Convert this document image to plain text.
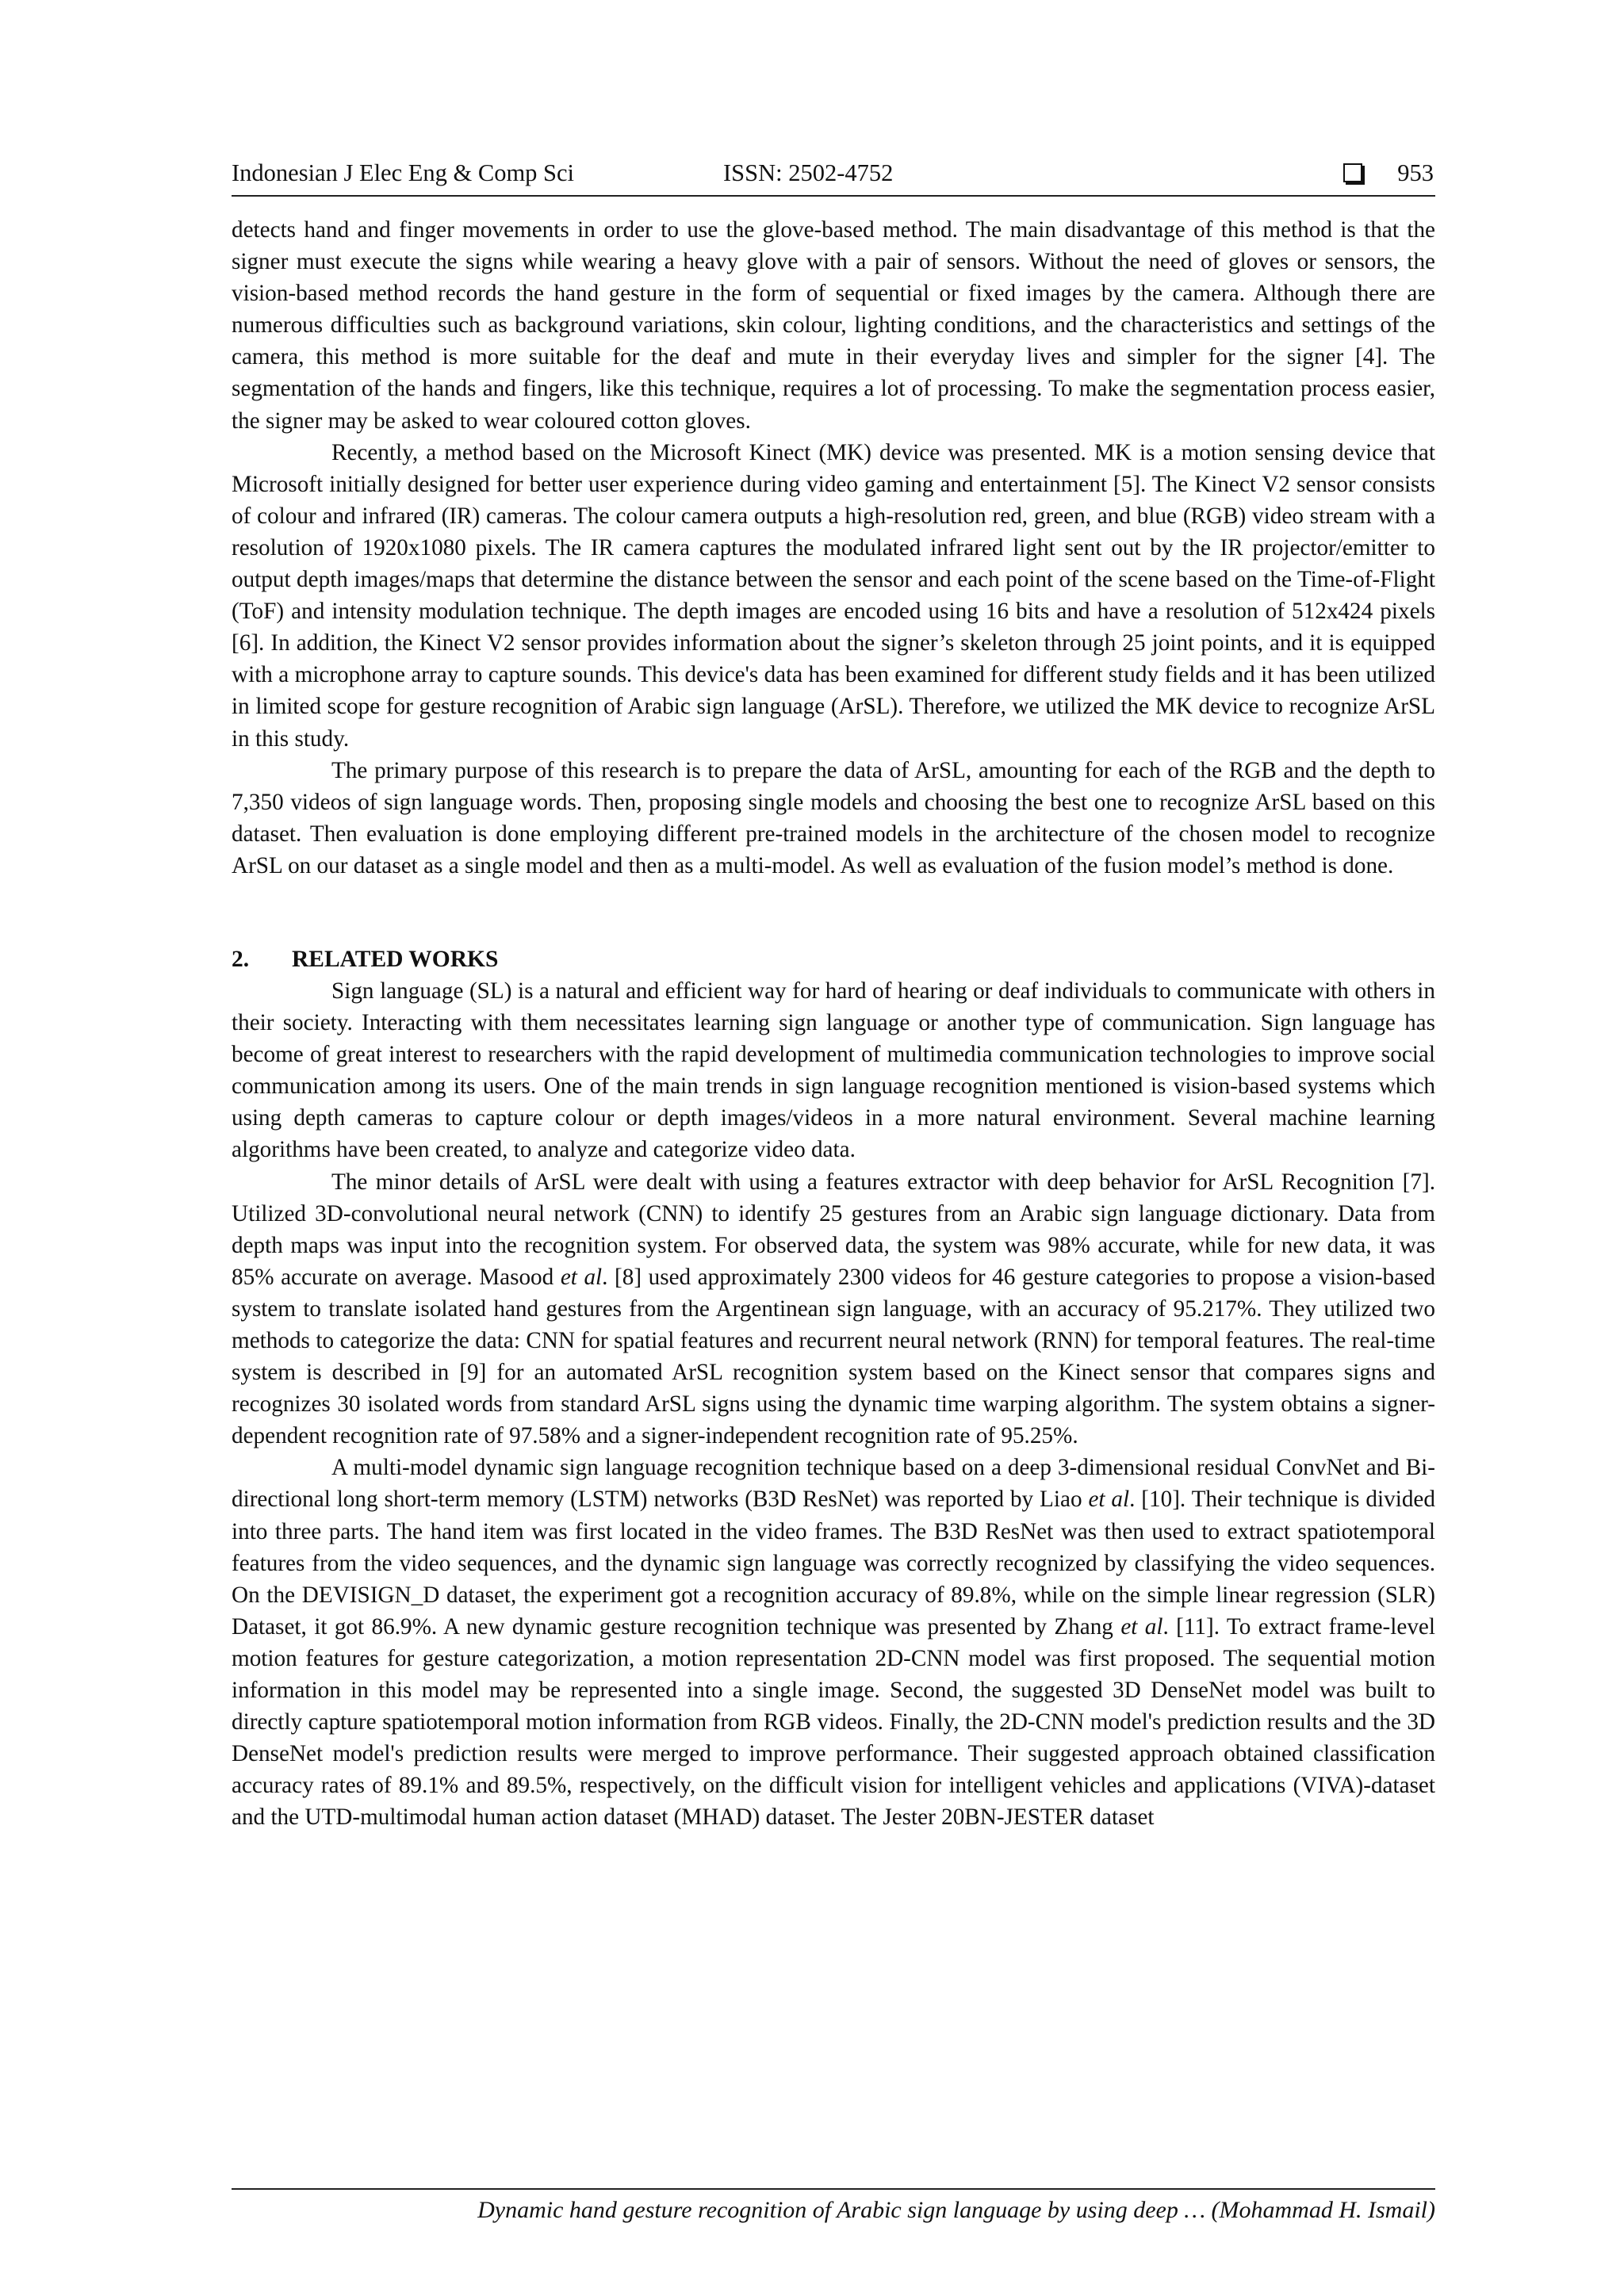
Indonesian J Elec Eng & Comp Sci	ISSN: 2502-4752	953

detects hand and finger movements in order to use the glove-based method. The main disadvantage of this method is that the signer must execute the signs while wearing a heavy glove with a pair of sensors. Without the need of gloves or sensors, the vision-based method records the hand gesture in the form of sequential or fixed images by the camera. Although there are numerous difficulties such as background variations, skin colour, lighting conditions, and the characteristics and settings of the camera, this method is more suitable for the deaf and mute in their everyday lives and simpler for the signer [4]. The segmentation of the hands and fingers, like this technique, requires a lot of processing. To make the segmentation process easier, the signer may be asked to wear coloured cotton gloves.

Recently, a method based on the Microsoft Kinect (MK) device was presented. MK is a motion sensing device that Microsoft initially designed for better user experience during video gaming and entertainment [5]. The Kinect V2 sensor consists of colour and infrared (IR) cameras. The colour camera outputs a high-resolution red, green, and blue (RGB) video stream with a resolution of 1920x1080 pixels. The IR camera captures the modulated infrared light sent out by the IR projector/emitter to output depth images/maps that determine the distance between the sensor and each point of the scene based on the Time-of-Flight (ToF) and intensity modulation technique. The depth images are encoded using 16 bits and have a resolution of 512x424 pixels [6]. In addition, the Kinect V2 sensor provides information about the signer’s skeleton through 25 joint points, and it is equipped with a microphone array to capture sounds. This device's data has been examined for different study fields and it has been utilized in limited scope for gesture recognition of Arabic sign language (ArSL). Therefore, we utilized the MK device to recognize ArSL in this study.

The primary purpose of this research is to prepare the data of ArSL, amounting for each of the RGB and the depth to 7,350 videos of sign language words. Then, proposing single models and choosing the best one to recognize ArSL based on this dataset. Then evaluation is done employing different pre-trained models in the architecture of the chosen model to recognize ArSL on our dataset as a single model and then as a multi-model. As well as evaluation of the fusion model’s method is done.

2. RELATED WORKS

Sign language (SL) is a natural and efficient way for hard of hearing or deaf individuals to communicate with others in their society. Interacting with them necessitates learning sign language or another type of communication. Sign language has become of great interest to researchers with the rapid development of multimedia communication technologies to improve social communication among its users. One of the main trends in sign language recognition mentioned is vision-based systems which using depth cameras to capture colour or depth images/videos in a more natural environment. Several machine learning algorithms have been created, to analyze and categorize video data.

The minor details of ArSL were dealt with using a features extractor with deep behavior for ArSL Recognition [7]. Utilized 3D-convolutional neural network (CNN) to identify 25 gestures from an Arabic sign language dictionary. Data from depth maps was input into the recognition system. For observed data, the system was 98% accurate, while for new data, it was 85% accurate on average. Masood et al. [8] used approximately 2300 videos for 46 gesture categories to propose a vision-based system to translate isolated hand gestures from the Argentinean sign language, with an accuracy of 95.217%. They utilized two methods to categorize the data: CNN for spatial features and recurrent neural network (RNN) for temporal features. The real-time system is described in [9] for an automated ArSL recognition system based on the Kinect sensor that compares signs and recognizes 30 isolated words from standard ArSL signs using the dynamic time warping algorithm. The system obtains a signer-dependent recognition rate of 97.58% and a signer-independent recognition rate of 95.25%.

A multi-model dynamic sign language recognition technique based on a deep 3-dimensional residual ConvNet and Bi-directional long short-term memory (LSTM) networks (B3D ResNet) was reported by Liao et al. [10]. Their technique is divided into three parts. The hand item was first located in the video frames. The B3D ResNet was then used to extract spatiotemporal features from the video sequences, and the dynamic sign language was correctly recognized by classifying the video sequences. On the DEVISIGN_D dataset, the experiment got a recognition accuracy of 89.8%, while on the simple linear regression (SLR) Dataset, it got 86.9%. A new dynamic gesture recognition technique was presented by Zhang et al. [11]. To extract frame-level motion features for gesture categorization, a motion representation 2D-CNN model was first proposed. The sequential motion information in this model may be represented into a single image. Second, the suggested 3D DenseNet model was built to directly capture spatiotemporal motion information from RGB videos. Finally, the 2D-CNN model's prediction results and the 3D DenseNet model's prediction results were merged to improve performance. Their suggested approach obtained classification accuracy rates of 89.1% and 89.5%, respectively, on the difficult vision for intelligent vehicles and applications (VIVA)-dataset and the UTD-multimodal human action dataset (MHAD) dataset. The Jester 20BN-JESTER dataset

Dynamic hand gesture recognition of Arabic sign language by using deep … (Mohammad H. Ismail)
